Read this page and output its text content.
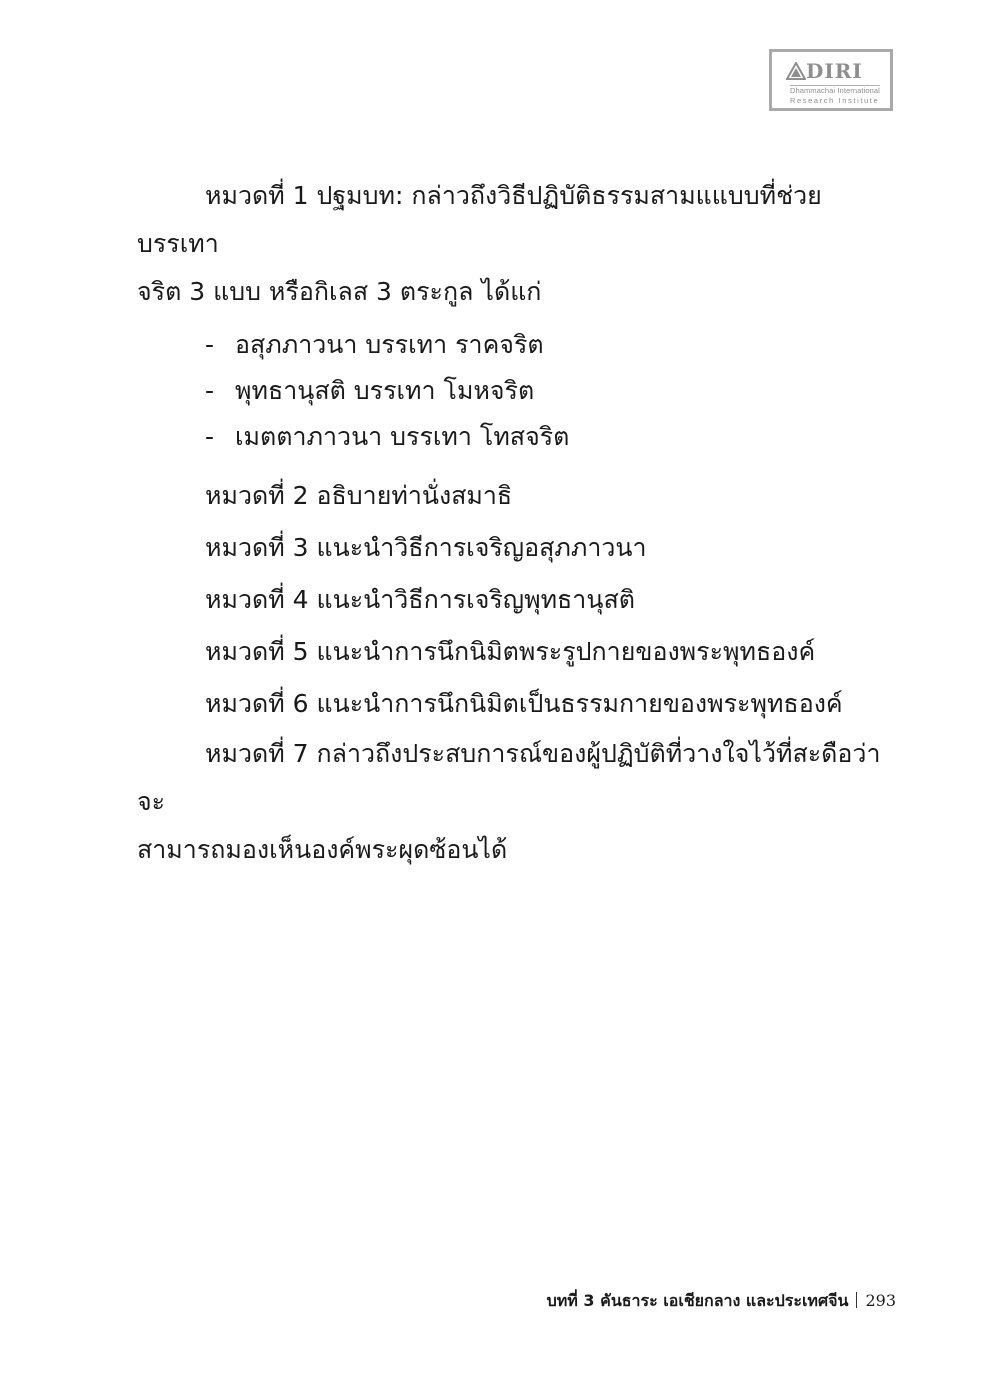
DIRI
Dhammachai International
Research Institute

หมวดที่ 1 ปฐมบท: กล่าวถึงวิธีปฏิบัติธรรมสามแแบบที่ช่วยบรรเทา

จริต 3 แบบ หรือกิเลส 3 ตระกูล ได้แก่

- อสุภภาวนา บรรเทา ราคจริต
- พุทธานุสติ บรรเทา โมหจริต
- เมตตาภาวนา บรรเทา โทสจริต

หมวดที่ 2 อธิบายท่านั่งสมาธิ

หมวดที่ 3 แนะนำวิธีการเจริญอสุภภาวนา

หมวดที่ 4 แนะนำวิธีการเจริญพุทธานุสติ

หมวดที่ 5 แนะนำการนึกนิมิตพระรูปกายของพระพุทธองค์

หมวดที่ 6 แนะนำการนึกนิมิตเป็นธรรมกายของพระพุทธองค์

หมวดที่ 7 กล่าวถึงประสบการณ์ของผู้ปฏิบัติที่วางใจไว้ที่สะดือว่าจะ

สามารถมองเห็นองค์พระผุดซ้อนได้

บทที่ 3 คันธาระ เอเชียกลาง และประเทศจีน 293
